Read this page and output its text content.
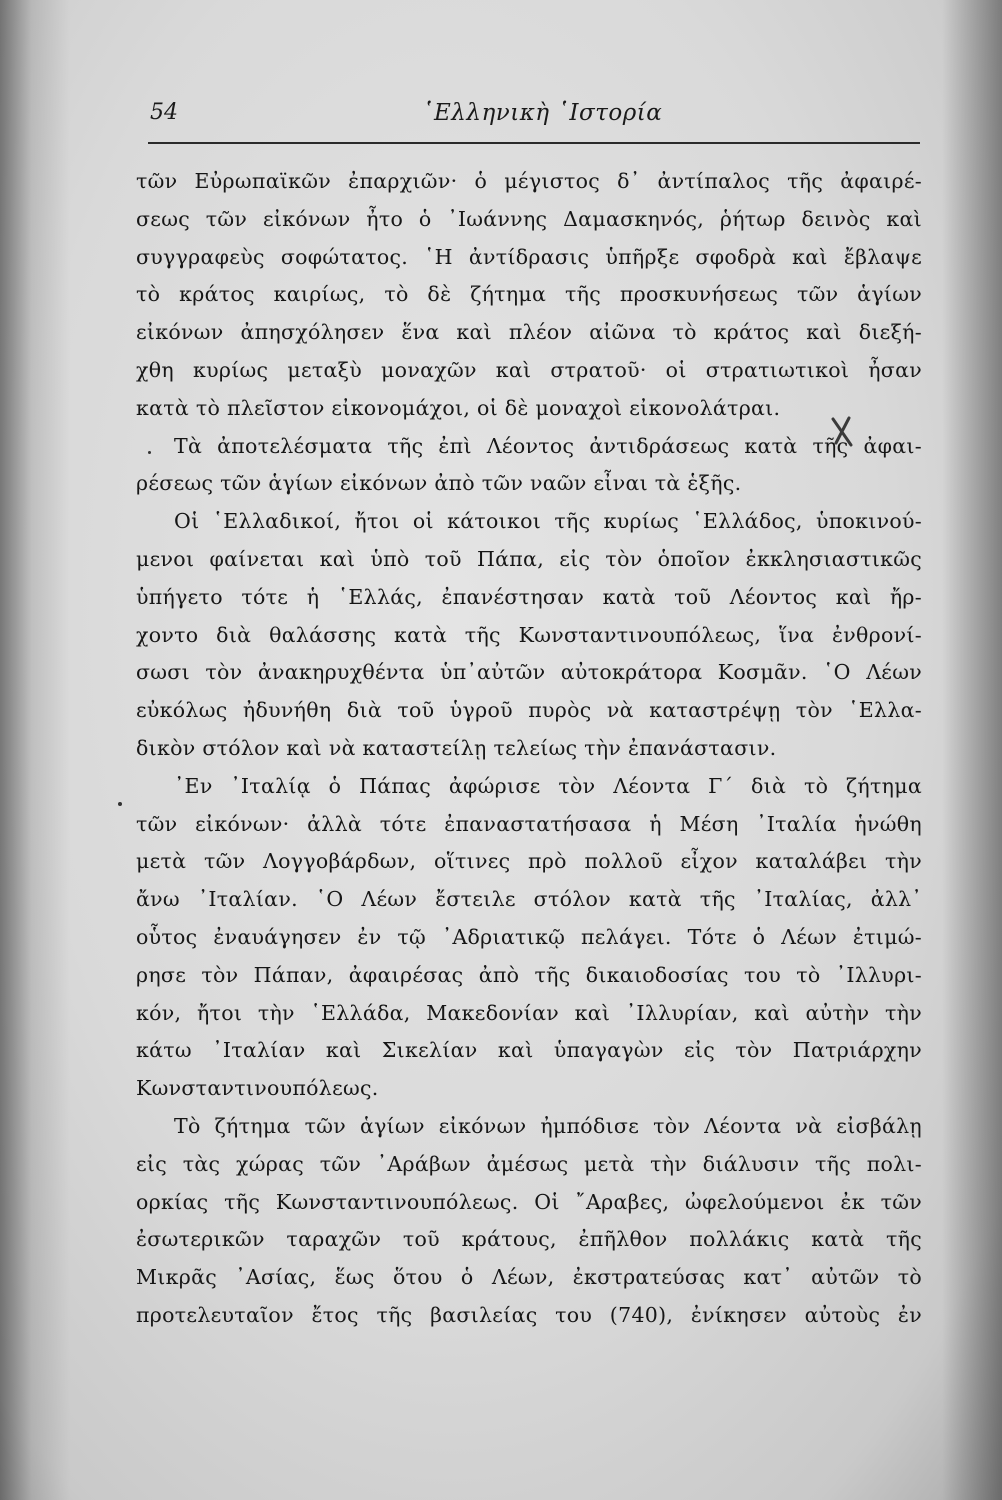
54	῾Ελληνικὴ ῾Ιστορία
τῶν Εὐρωπαϊκῶν ἐπαρχιῶν· ὁ μέγιστος δ᾽ ἀντίπαλος τῆς ἀφαιρέ-
σεως τῶν εἰκόνων ἦτο ὁ ᾽Ιωάννης Δαμασκηνός, ῥήτωρ δεινὸς καὶ
συγγραφεὺς σοφώτατος. ῾Η ἀντίδρασις ὑπῆρξε σφοδρὰ καὶ ἔβλαψε
τὸ κράτος καιρίως, τὸ δὲ ζήτημα τῆς προσκυνήσεως τῶν ἁγίων
εἰκόνων ἀπησχόλησεν ἕνα καὶ πλέον αἰῶνα τὸ κράτος καὶ διεξή-
χθη κυρίως μεταξὺ μοναχῶν καὶ στρατοῦ· οἱ στρατιωτικοὶ ἦσαν
κατὰ τὸ πλεῖστον εἰκονομάχοι, οἱ δὲ μοναχοὶ εἰκονολάτραι.
Τὰ ἀποτελέσματα τῆς ἐπὶ Λέοντος ἀντιδράσεως κατὰ τῆς ἀφαι-
ρέσεως τῶν ἁγίων εἰκόνων ἀπὸ τῶν ναῶν εἶναι τὰ ἑξῆς.
Οἱ ῾Ελλαδικοί, ἤτοι οἱ κάτοικοι τῆς κυρίως ῾Ελλάδος, ὑποκινού-
μενοι φαίνεται καὶ ὑπὸ τοῦ Πάπα, εἰς τὸν ὁποῖον ἐκκλησιαστικῶς
ὑπήγετο τότε ἡ ῾Ελλάς, ἐπανέστησαν κατὰ τοῦ Λέοντος καὶ ἤρ-
χοντο διὰ θαλάσσης κατὰ τῆς Κωνσταντινουπόλεως, ἵνα ἐνθρονί-
σωσι τὸν ἀνακηρυχθέντα ὑπ᾽αὐτῶν αὐτοκράτορα Κοσμᾶν. ῾Ο Λέων
εὐκόλως ἠδυνήθη διὰ τοῦ ὑγροῦ πυρὸς νὰ καταστρέψῃ τὸν ῾Ελλα-
δικὸν στόλον καὶ νὰ καταστείλῃ τελείως τὴν ἐπανάστασιν.
᾽Εν ᾽Ιταλίᾳ ὁ Πάπας ἀφώρισε τὸν Λέοντα Γ΄ διὰ τὸ ζήτημα
τῶν εἰκόνων· ἀλλὰ τότε ἐπαναστατήσασα ἡ Μέση ᾽Ιταλία ἡνώθη
μετὰ τῶν Λογγοβάρδων, οἵτινες πρὸ πολλοῦ εἶχον καταλάβει τὴν
ἄνω ᾽Ιταλίαν. ῾Ο Λέων ἔστειλε στόλον κατὰ τῆς ᾽Ιταλίας, ἀλλ᾽
οὗτος ἐναυάγησεν ἐν τῷ ᾽Αδριατικῷ πελάγει. Τότε ὁ Λέων ἐτιμώ-
ρησε τὸν Πάπαν, ἀφαιρέσας ἀπὸ τῆς δικαιοδοσίας του τὸ ᾽Ιλλυρι-
κόν, ἤτοι τὴν ῾Ελλάδα, Μακεδονίαν καὶ ᾽Ιλλυρίαν, καὶ αὐτὴν τὴν
κάτω ᾽Ιταλίαν καὶ Σικελίαν καὶ ὑπαγαγὼν εἰς τὸν Πατριάρχην
Κωνσταντινουπόλεως.
Τὸ ζήτημα τῶν ἁγίων εἰκόνων ἠμπόδισε τὸν Λέοντα νὰ εἰσβάλῃ
εἰς τὰς χώρας τῶν ᾽Αράβων ἀμέσως μετὰ τὴν διάλυσιν τῆς πολι-
ορκίας τῆς Κωνσταντινουπόλεως. Οἱ ῎Αραβες, ὠφελούμενοι ἐκ τῶν
ἐσωτερικῶν ταραχῶν τοῦ κράτους, ἐπῆλθον πολλάκις κατὰ τῆς
Μικρᾶς ᾽Ασίας, ἕως ὅτου ὁ Λέων, ἐκστρατεύσας κατ᾽ αὐτῶν τὸ
προτελευταῖον ἔτος τῆς βασιλείας του (740), ἐνίκησεν αὐτοὺς ἐν
